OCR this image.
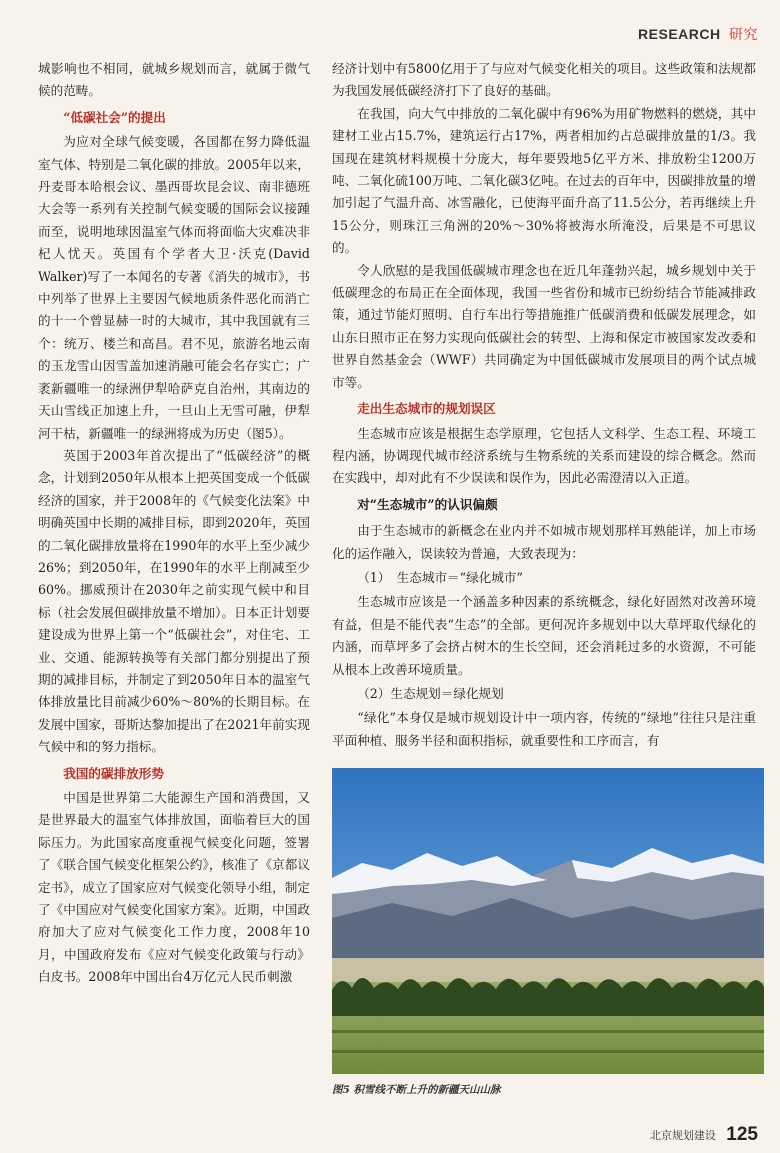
RESEARCH 研究

城影响也不相同，就城乡规划而言，就属于微气候的范畴。

“低碳社会”的提出

为应对全球气候变暖，各国都在努力降低温室气体、特别是二氧化碳的排放。2005年以来，丹麦哥本哈根会议、墨西哥坎昆会议、南非德班大会等一系列有关控制气候变暖的国际会议接踵而至，说明地球因温室气体而将面临大灾难决非杞人忧天。英国有个学者大卫·沃克(David Walker)写了一本闻名的专著《消失的城市》，书中列举了世界上主要因气候地质条件恶化而消亡的十一个曾显赫一时的大城市，其中我国就有三个：统万、楼兰和高昌。君不见，旅游名地云南的玉龙雪山因雪盖加速消融可能会名存实亡；广袤新疆唯一的绿洲伊犁哈萨克自治州，其南边的天山雪线正加速上升，一旦山上无雪可融，伊犁河干枯，新疆唯一的绿洲将成为历史（图5）。

英国于2003年首次提出了“低碳经济”的概念，计划到2050年从根本上把英国变成一个低碳经济的国家，并于2008年的《气候变化法案》中明确英国中长期的减排目标，即到2020年，英国的二氧化碳排放量将在1990年的水平上至少减少26%；到2050年，在1990年的水平上削减至少60%。挪威预计在2030年之前实现气候中和目标（社会发展但碳排放量不增加）。日本正计划要建设成为世界上第一个“低碳社会”，对住宅、工业、交通、能源转换等有关部门都分别提出了预期的减排目标，并制定了到2050年日本的温室气体排放量比目前减少60%～80%的长期目标。在发展中国家，哥斯达黎加提出了在2021年前实现气候中和的努力指标。

我国的碳排放形势

中国是世界第二大能源生产国和消费国，又是世界最大的温室气体排放国，面临着巨大的国际压力。为此国家高度重视气候变化问题，签署了《联合国气候变化框架公约》，核准了《京都议定书》，成立了国家应对气候变化领导小组，制定了《中国应对气候变化国家方案》。近期，中国政府加大了应对气候变化工作力度，2008年10月，中国政府发布《应对气候变化政策与行动》白皮书。2008年中国出台4万亿元人民币刺激

经济计划中有5800亿用于了与应对气候变化相关的项目。这些政策和法规都为我国发展低碳经济打下了良好的基础。

在我国，向大气中排放的二氧化碳中有96%为用矿物燃料的燃烧，其中建材工业占15.7%，建筑运行占17%，两者相加约占总碳排放量的1/3。我国现在建筑材料规模十分庞大，每年要毁地5亿平方米、排放粉尘1200万吨、二氧化硫100万吨、二氧化碳3亿吨。在过去的百年中，因碳排放量的增加引起了气温升高、冰雪融化，已使海平面升高了11.5公分，若再继续上升15公分，则珠江三角洲的20%～30%将被海水所淹没，后果是不可思议的。

令人欣慰的是我国低碳城市理念也在近几年蓬勃兴起，城乡规划中关于低碳理念的布局正在全面体现，我国一些省份和城市已纷纷结合节能减排政策，通过节能灯照明、自行车出行等措施推广低碳消费和低碳发展理念，如山东日照市正在努力实现向低碳社会的转型、上海和保定市被国家发改委和世界自然基金会（WWF）共同确定为中国低碳城市发展项目的两个试点城市等。

走出生态城市的规划误区

生态城市应该是根据生态学原理，它包括人文科学、生态工程、环境工程内涵，协调现代城市经济系统与生物系统的关系而建设的综合概念。然而在实践中，却对此有不少误读和误作为，因此必需澄清以入正道。

对“生态城市”的认识偏颇

由于生态城市的新概念在业内并不如城市规划那样耳熟能详，加上市场化的运作融入，误读较为普遍，大致表现为：

（1）　生态城市＝“绿化城市”

生态城市应该是一个涵盖多种因素的系统概念，绿化好固然对改善环境有益，但是不能代表“生态”的全部。更何况许多规划中以大草坪取代绿化的内涵，而草坪多了会挤占树木的生长空间，还会消耗过多的水资源，不可能从根本上改善环境质量。

（2）生态规划＝绿化规划

“绿化”本身仅是城市规划设计中一项内容，传统的“绿地”往往只是注重平面种植、服务半径和面积指标，就重要性和工序而言，有

图5 积雪线不断上升的新疆天山山脉
北京规划建设 125
